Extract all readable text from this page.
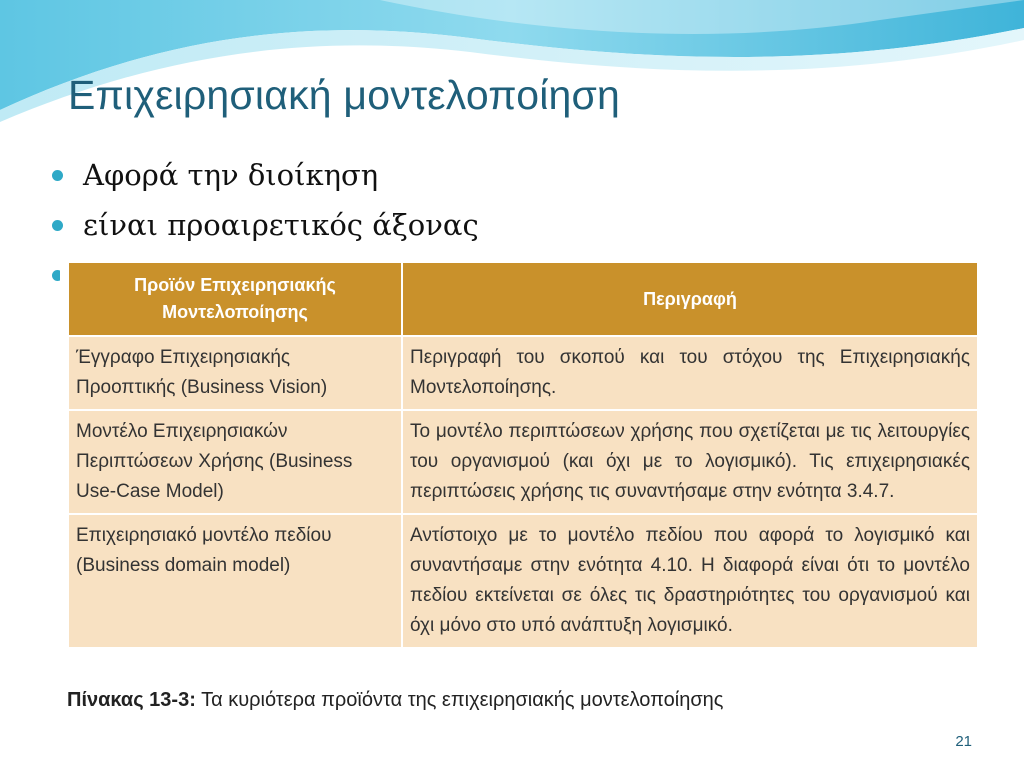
Επιχειρησιακή μοντελοποίηση
Αφορά την διοίκηση
είναι προαιρετικός άξονας
Προϊόν Επιχειρησιακής Μοντελοποίησης	Περιγραφή
Έγγραφο Επιχειρησιακής Προοπτικής (Business Vision)	Περιγραφή του σκοπού και του στόχου της Επιχειρησιακής Μοντελοποίησης.
Μοντέλο Επιχειρησιακών Περιπτώσεων Χρήσης (Business Use-Case Model)	Το μοντέλο περιπτώσεων χρήσης που σχετίζεται με τις λειτουργίες του οργανισμού (και όχι με το λογισμικό). Τις επιχειρησιακές περιπτώσεις χρήσης τις συναντήσαμε στην ενότητα 3.4.7.
Επιχειρησιακό μοντέλο πεδίου (Business domain model)	Αντίστοιχο με το μοντέλο πεδίου που αφορά το λογισμικό και συναντήσαμε στην ενότητα 4.10. Η διαφορά είναι ότι το μοντέλο πεδίου εκτείνεται σε όλες τις δραστηριότητες του οργανισμού και όχι μόνο στο υπό ανάπτυξη λογισμικό.
Πίνακας 13-3: Τα κυριότερα προϊόντα της επιχειρησιακής μοντελοποίησης
21
